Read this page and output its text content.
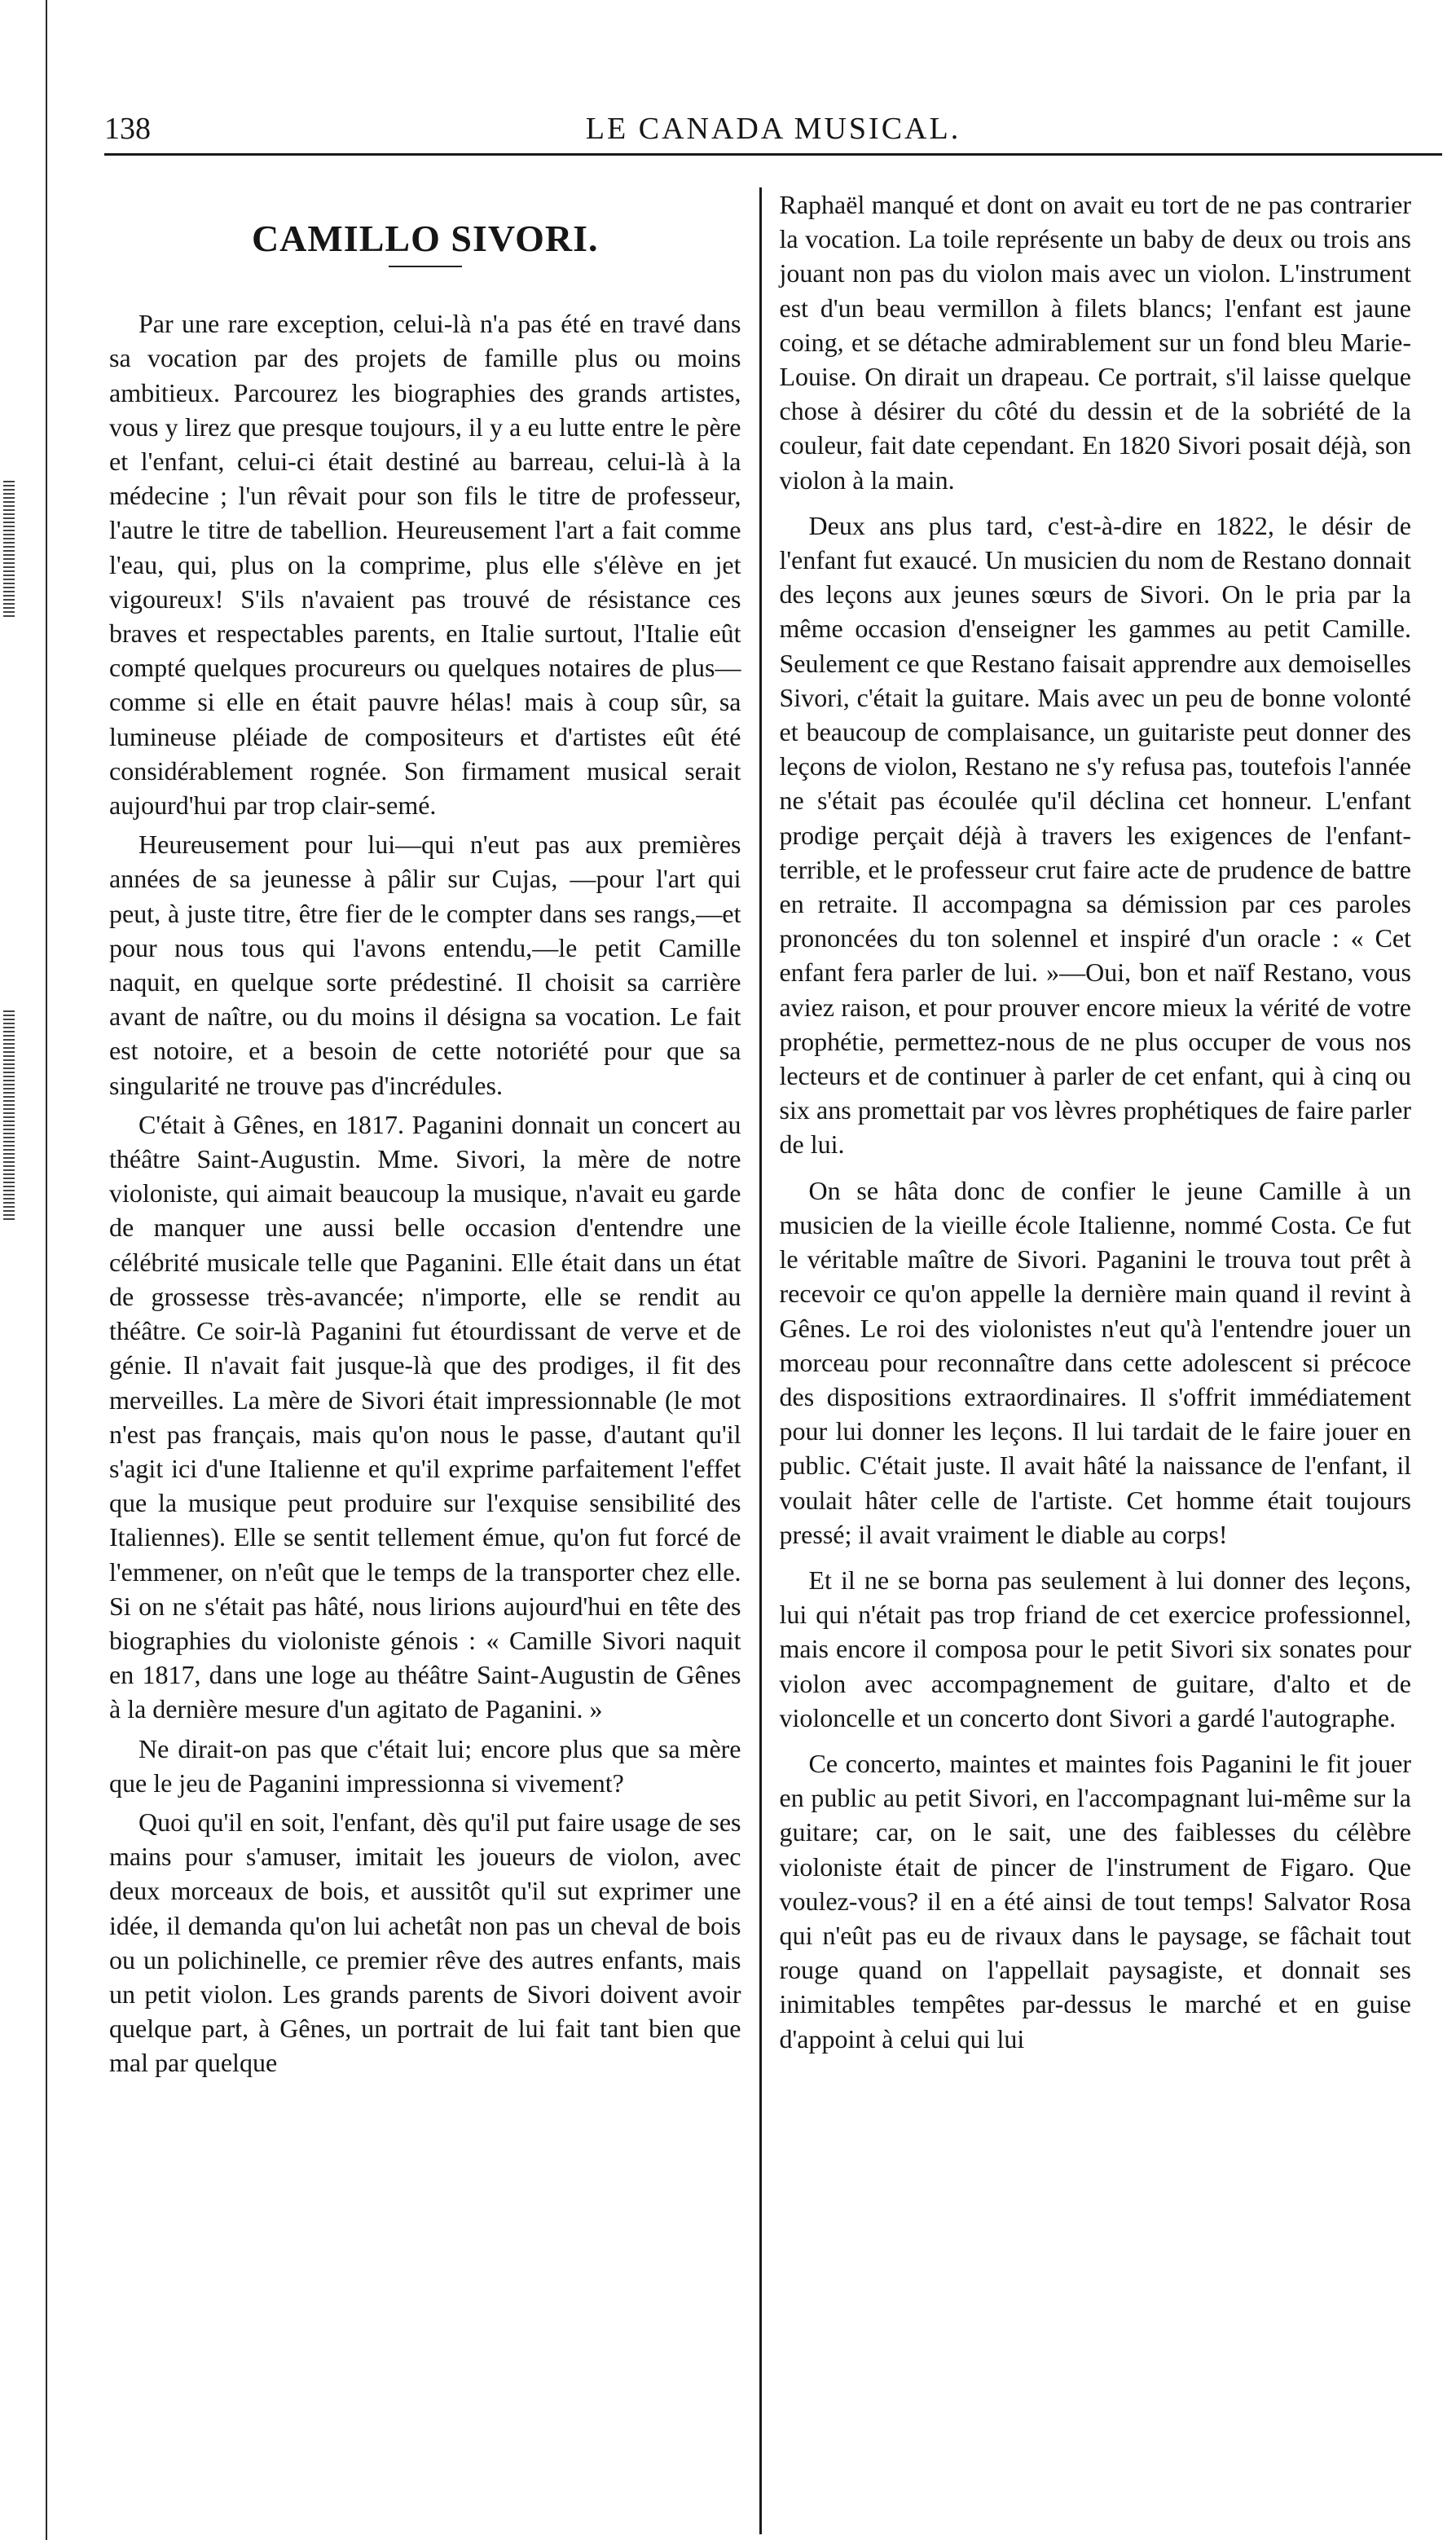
138	LE CANADA MUSICAL.
CAMILLO SIVORI.

Par une rare exception, celui-là n'a pas été en travé dans sa vocation par des projets de famille plus ou moins ambitieux. Parcourez les biographies des grands artistes, vous y lirez que presque toujours, il y a eu lutte entre le père et l'enfant, celui-ci était destiné au barreau, celui-là à la médecine ; l'un rêvait pour son fils le titre de professeur, l'autre le titre de tabellion. Heureusement l'art a fait comme l'eau, qui, plus on la comprime, plus elle s'élève en jet vigoureux! S'ils n'avaient pas trouvé de résistance ces braves et respectables parents, en Italie surtout, l'Italie eût compté quelques procureurs ou quelques notaires de plus—comme si elle en était pauvre hélas! mais à coup sûr, sa lumineuse pléiade de compositeurs et d'artistes eût été considérablement rognée. Son firmament musical serait aujourd'hui par trop clair-semé.

Heureusement pour lui—qui n'eut pas aux premières années de sa jeunesse à pâlir sur Cujas, —pour l'art qui peut, à juste titre, être fier de le compter dans ses rangs,—et pour nous tous qui l'avons entendu,—le petit Camille naquit, en quelque sorte prédestiné. Il choisit sa carrière avant de naître, ou du moins il désigna sa vocation. Le fait est notoire, et a besoin de cette notoriété pour que sa singularité ne trouve pas d'incrédules.

C'était à Gênes, en 1817. Paganini donnait un concert au théâtre Saint-Augustin. Mme. Sivori, la mère de notre violoniste, qui aimait beaucoup la musique, n'avait eu garde de manquer une aussi belle occasion d'entendre une célébrité musicale telle que Paganini. Elle était dans un état de grossesse très-avancée; n'importe, elle se rendit au théâtre. Ce soir-là Paganini fut étourdissant de verve et de génie. Il n'avait fait jusque-là que des prodiges, il fit des merveilles. La mère de Sivori était impressionnable (le mot n'est pas français, mais qu'on nous le passe, d'autant qu'il s'agit ici d'une Italienne et qu'il exprime parfaitement l'effet que la musique peut produire sur l'exquise sensibilité des Italiennes). Elle se sentit tellement émue, qu'on fut forcé de l'emmener, on n'eût que le temps de la transporter chez elle. Si on ne s'était pas hâté, nous lirions aujourd'hui en tête des biographies du violoniste génois : « Camille Sivori naquit en 1817, dans une loge au théâtre Saint-Augustin de Gênes à la dernière mesure d'un agitato de Paganini. »

Ne dirait-on pas que c'était lui; encore plus que sa mère que le jeu de Paganini impressionna si vivement?

Quoi qu'il en soit, l'enfant, dès qu'il put faire usage de ses mains pour s'amuser, imitait les joueurs de violon, avec deux morceaux de bois, et aussitôt qu'il sut exprimer une idée, il demanda qu'on lui achetât non pas un cheval de bois ou un polichinelle, ce premier rêve des autres enfants, mais un petit violon. Les grands parents de Sivori doivent avoir quelque part, à Gênes, un portrait de lui fait tant bien que mal par quelque

Raphaël manqué et dont on avait eu tort de ne pas contrarier la vocation. La toile représente un baby de deux ou trois ans jouant non pas du violon mais avec un violon. L'instrument est d'un beau vermillon à filets blancs; l'enfant est jaune coing, et se détache admirablement sur un fond bleu Marie-Louise. On dirait un drapeau. Ce portrait, s'il laisse quelque chose à désirer du côté du dessin et de la sobriété de la couleur, fait date cependant. En 1820 Sivori posait déjà, son violon à la main.

Deux ans plus tard, c'est-à-dire en 1822, le désir de l'enfant fut exaucé. Un musicien du nom de Restano donnait des leçons aux jeunes sœurs de Sivori. On le pria par la même occasion d'enseigner les gammes au petit Camille. Seulement ce que Restano faisait apprendre aux demoiselles Sivori, c'était la guitare. Mais avec un peu de bonne volonté et beaucoup de complaisance, un guitariste peut donner des leçons de violon, Restano ne s'y refusa pas, toutefois l'année ne s'était pas écoulée qu'il déclina cet honneur. L'enfant prodige perçait déjà à travers les exigences de l'enfant-terrible, et le professeur crut faire acte de prudence de battre en retraite. Il accompagna sa démission par ces paroles prononcées du ton solennel et inspiré d'un oracle : « Cet enfant fera parler de lui. »—Oui, bon et naïf Restano, vous aviez raison, et pour prouver encore mieux la vérité de votre prophétie, permettez-nous de ne plus occuper de vous nos lecteurs et de continuer à parler de cet enfant, qui à cinq ou six ans promettait par vos lèvres prophétiques de faire parler de lui.

On se hâta donc de confier le jeune Camille à un musicien de la vieille école Italienne, nommé Costa. Ce fut le véritable maître de Sivori. Paganini le trouva tout prêt à recevoir ce qu'on appelle la dernière main quand il revint à Gênes. Le roi des violonistes n'eut qu'à l'entendre jouer un morceau pour reconnaître dans cette adolescent si précoce des dispositions extraordinaires. Il s'offrit immédiatement pour lui donner les leçons. Il lui tardait de le faire jouer en public. C'était juste. Il avait hâté la naissance de l'enfant, il voulait hâter celle de l'artiste. Cet homme était toujours pressé; il avait vraiment le diable au corps!

Et il ne se borna pas seulement à lui donner des leçons, lui qui n'était pas trop friand de cet exercice professionnel, mais encore il composa pour le petit Sivori six sonates pour violon avec accompagnement de guitare, d'alto et de violoncelle et un concerto dont Sivori a gardé l'autographe.

Ce concerto, maintes et maintes fois Paganini le fit jouer en public au petit Sivori, en l'accompagnant lui-même sur la guitare; car, on le sait, une des faiblesses du célèbre violoniste était de pincer de l'instrument de Figaro. Que voulez-vous? il en a été ainsi de tout temps! Salvator Rosa qui n'eût pas eu de rivaux dans le paysage, se fâchait tout rouge quand on l'appellait paysagiste, et donnait ses inimitables tempêtes par-dessus le marché et en guise d'appoint à celui qui lui
